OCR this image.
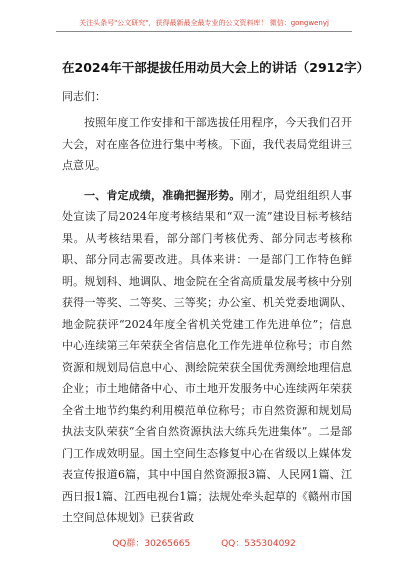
关注头条号"公文研究"，获得最新最全最专业的公文资料库！ 微信：gongwenyj
在2024年干部提拔任用动员大会上的讲话（2912字）
同志们：

按照年度工作安排和干部选拔任用程序，今天我们召开大会，对在座各位进行集中考核。下面，我代表局党组讲三点意见。

一、肯定成绩，准确把握形势。刚才，局党组组织人事处宣读了局2024年度考核结果和“双一流”建设目标考核结果。从考核结果看，部分部门考核优秀、部分同志考核称职、部分同志需要改进。具体来讲：一是部门工作特色鲜明。规划科、地调队、地金院在全省高质量发展考核中分别获得一等奖、二等奖、三等奖；办公室、机关党委地调队、地金院获评“2024年度全省机关党建工作先进单位”；信息中心连续第三年荣获全省信息化工作先进单位称号；市自然资源和规划局信息中心、测绘院荣获全国优秀测绘地理信息企业；市土地储备中心、市土地开发服务中心连续两年荣获全省土地节约集约利用模范单位称号；市自然资源和规划局执法支队荣获“全省自然资源执法大练兵先进集体”。二是部门工作成效明显。国土空间生态修复中心在省级以上媒体发表宣传报道6篇，其中中国自然资源报3篇、人民网1篇、江西日报1篇、江西电视台1篇；法规处牵头起草的《赣州市国土空间总体规划》已获省政

QQ群：30265665	QQ：535304092
